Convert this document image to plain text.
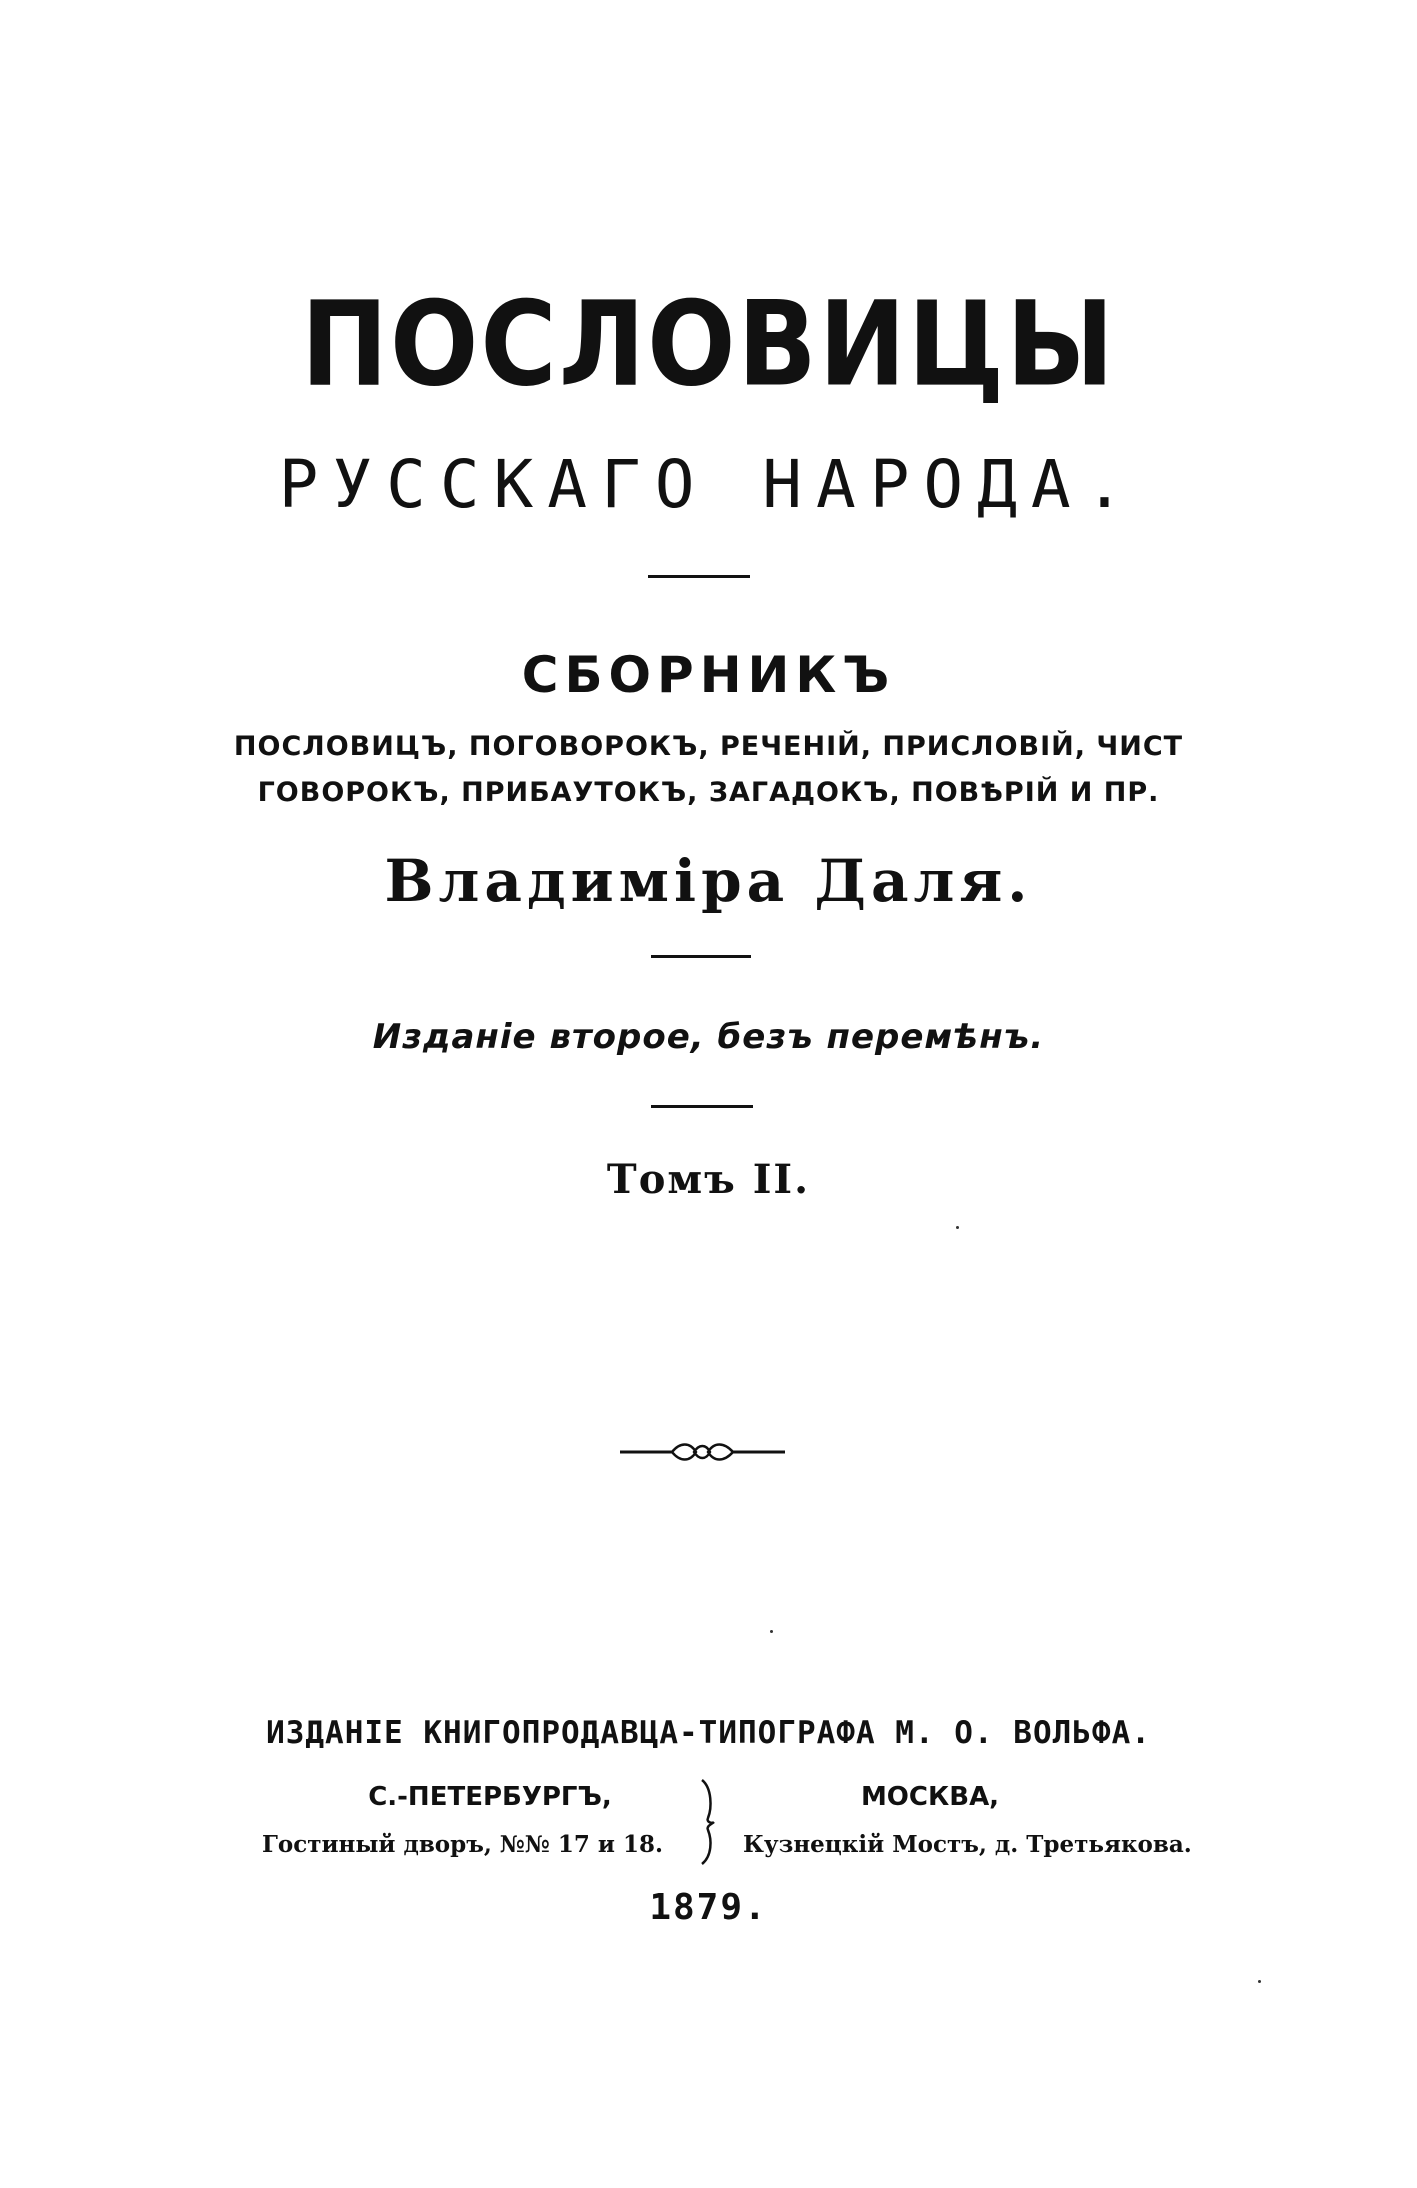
ПОСЛОВИЦЫ
РУССКАГО НАРОДА.
СБОРНИКЪ
ПОСЛОВИЦЪ, ПОГОВОРОКЪ, РЕЧЕНIЙ, ПРИСЛОВIЙ, ЧИСТ
ГОВОРОКЪ, ПРИБАУТОКЪ, ЗАГАДОКЪ, ПОВѢРIЙ И ПР.
Владимiра Даля.
Изданiе второе, безъ перемѣнъ.
Томъ II.
ИЗДАНIЕ КНИГОПРОДАВЦА-ТИПОГРАФА М. О. ВОЛЬФА.
С.-ПЕТЕРБУРГЪ,	МОСКВА,
Гостиный дворъ, №№ 17 и 18.	Кузнецкiй Мостъ, д. Третьякова.
1879.
